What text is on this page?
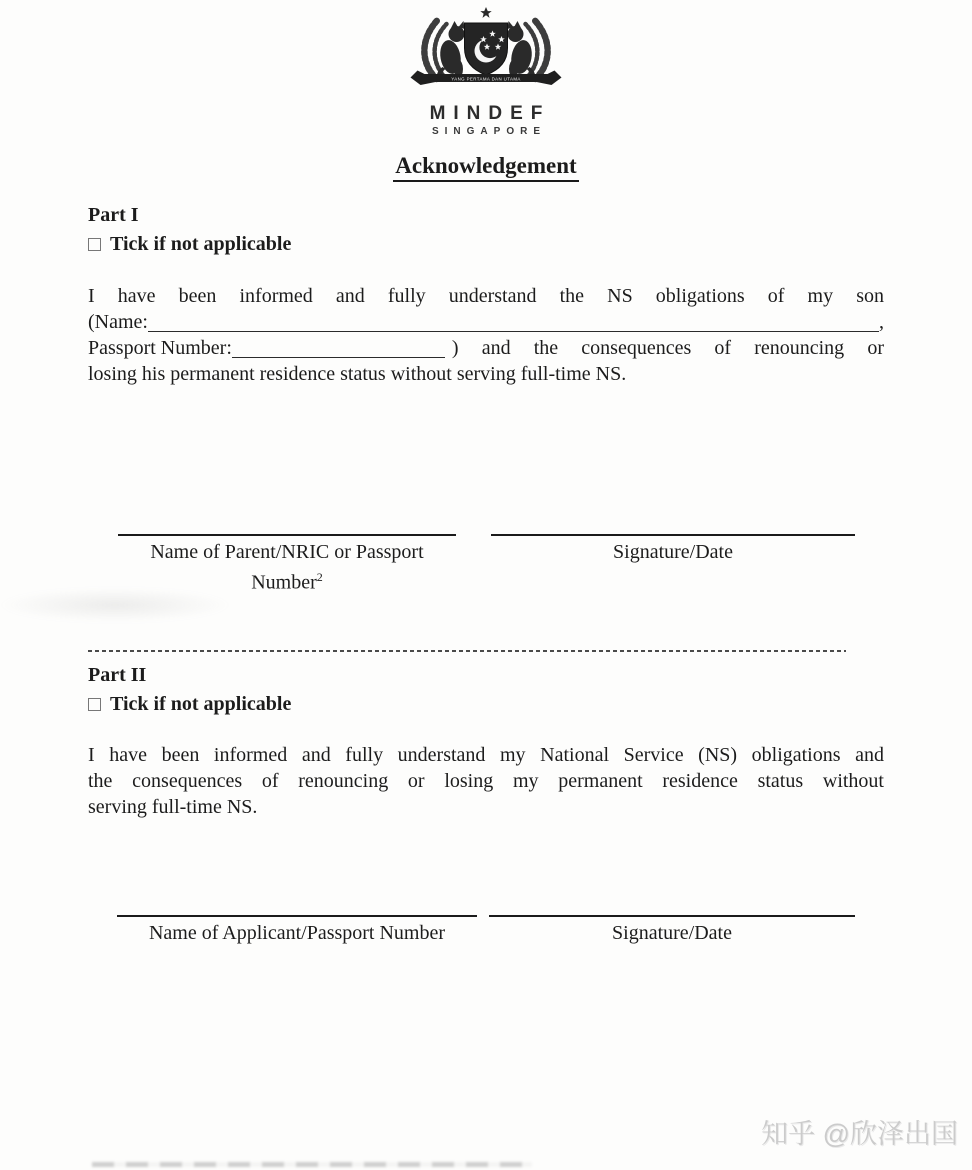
YANG PERTAMA DAN UTAMA
MINDEF
SINGAPORE
Acknowledgement
Part I
Tick if not applicable
I have been informed and fully understand the NS obligations of my son
(Name:	,
Passport Number:	) and the consequences of renouncing or
losing his permanent residence status without serving full-time NS.
Name of Parent/NRIC or Passport
Number$^2$
Signature/Date
Part II
Tick if not applicable
I have been informed and fully understand my National Service (NS) obligations and
the consequences of renouncing or losing my permanent residence status without
serving full-time NS.
Name of Applicant/Passport Number	Signature/Date
知乎 @欣泽出国
